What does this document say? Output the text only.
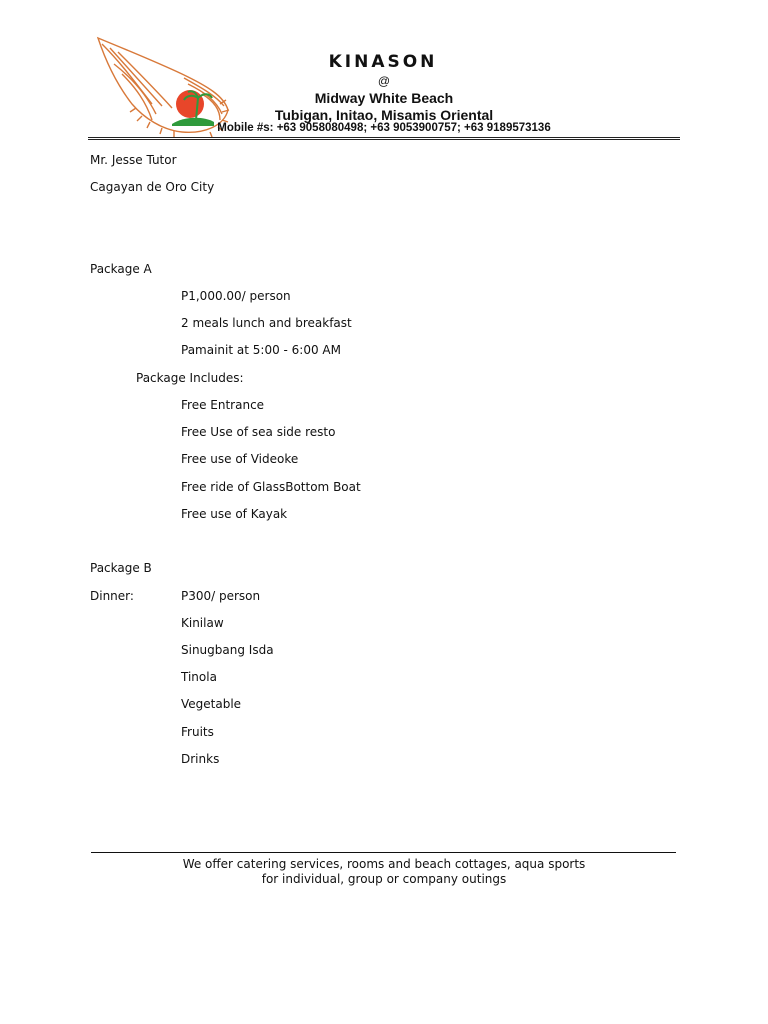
KINASON
@
Midway White Beach
Tubigan, Initao, Misamis Oriental
Mobile #s: +63 9058080498; +63 9053900757; +63 9189573136
Mr. Jesse Tutor
Cagayan de Oro City
Package A
P1,000.00/ person
2 meals lunch and breakfast
Pamainit at 5:00 - 6:00 AM
Package Includes:
Free Entrance
Free Use of sea side resto
Free use of Videoke
Free ride of GlassBottom Boat
Free use of Kayak
Package B
Dinner:	P300/ person
Kinilaw
Sinugbang Isda
Tinola
Vegetable
Fruits
Drinks
We offer catering services, rooms and beach cottages, aqua sports
for individual, group or company outings
